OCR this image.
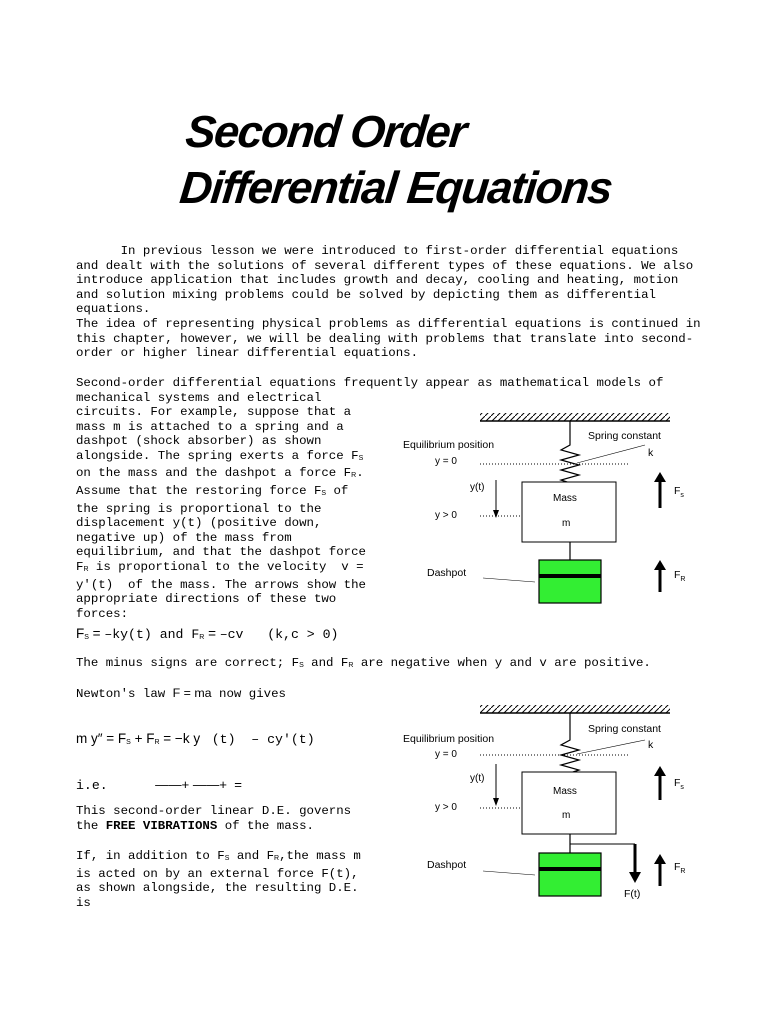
Second Order
Differential Equations
In previous lesson we were introduced to first-order differential equations
and dealt with the solutions of several different types of these equations. We also
introduce application that includes growth and decay, cooling and heating, motion
and solution mixing problems could be solved by depicting them as differential
equations.
The idea of representing physical problems as differential equations is continued in
this chapter, however, we will be dealing with problems that translate into second-
order or higher linear differential equations.
Second-order differential equations frequently appear as mathematical models of
mechanical systems and electrical
circuits. For example, suppose that a
mass m is attached to a spring and a
dashpot (shock absorber) as shown
alongside. The spring exerts a force $F_S$
on the mass and the dashpot a force $F_R$.
Assume that the restoring force $F_S$ of
the spring is proportional to the
displacement y(t) (positive down,
negative up) of the mass from
equilibrium, and that the dashpot force
$F_R$ is proportional to the velocity  v =
y′(t)  of the mass. The arrows show the
appropriate directions of these two
forces:
$F_S = -ky(t)$ and $F_R = -cv$   (k,c > 0)
The minus signs are correct; $F_S$ and $F_R$ are negative when y and v are positive.
Newton's law F = ma now gives
m $y'' = F_S + F_R = -k$ y  (t)  – cy′(t)
i.e.	——+ ——+  =
This second-order linear D.E. governs
the FREE VIBRATIONS of the mass.
If, in addition to $F_S$ and $F_R,the$ mass m
is acted on by an external force F(t),
as shown alongside, the resulting D.E.
is
Spring constant
k
Equilibrium position
y = 0
y(t)
y > 0
Mass
m
Dashpot
$F_s$
$F_R$
Spring constant
k
Equilibrium position
y = 0
y(t)
y > 0
Mass
m
Dashpot
F(t)
$F_s$
$F_R$
